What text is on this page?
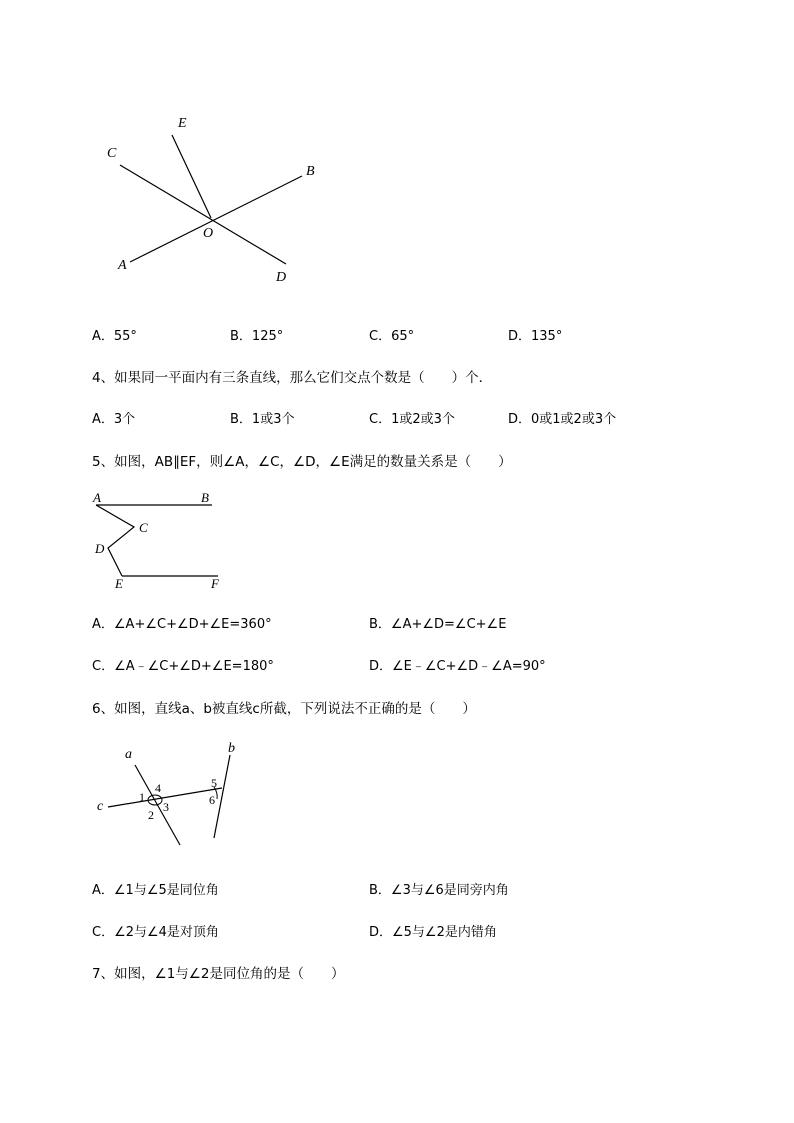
E
C
B
O
A
D
A．55°	B．125°	C．65°	D．135°
4、如果同一平面内有三条直线，那么它们交点个数是（　　）个．
A．3个	B．1或3个	C．1或2或3个	D．0或1或2或3个
5、如图，AB∥EF，则∠A，∠C，∠D，∠E满足的数量关系是（　　）
A	B
C
D
E	F
A．∠A+∠C+∠D+∠E=360°	B．∠A+∠D=∠C+∠E
C．∠A﹣∠C+∠D+∠E=180°	D．∠E﹣∠C+∠D﹣∠A=90°
6、如图，直线a、b被直线c所截，下列说法不正确的是（　　）
a	b
c
1
4
3
2
5
6
A．∠1与∠5是同位角	B．∠3与∠6是同旁内角
C．∠2与∠4是对顶角	D．∠5与∠2是内错角
7、如图，∠1与∠2是同位角的是（　　）
